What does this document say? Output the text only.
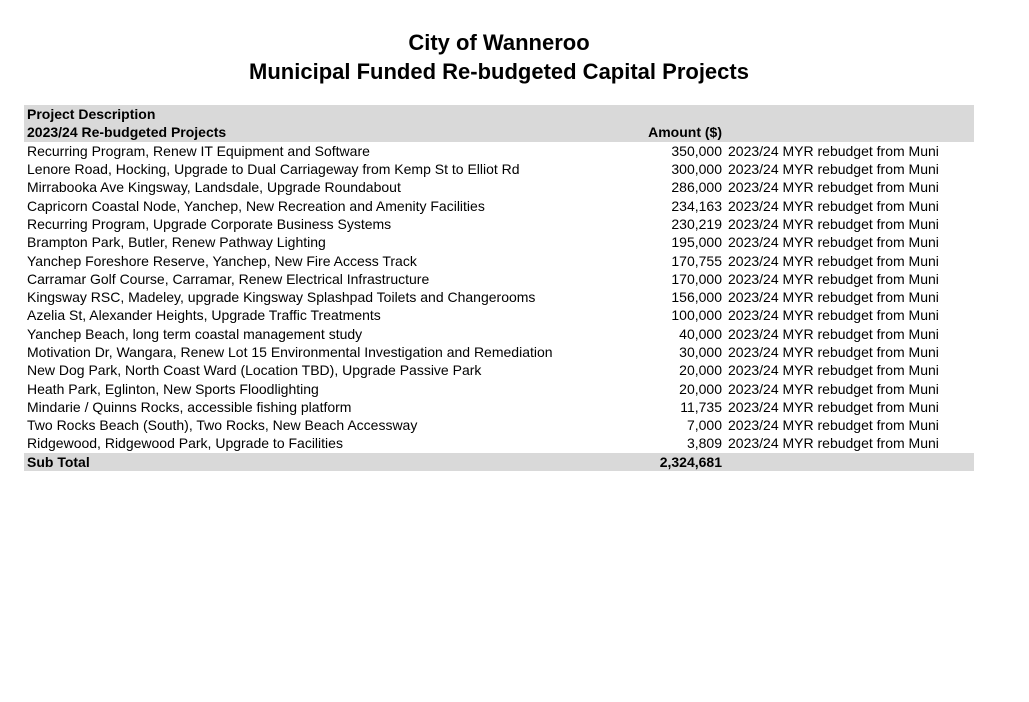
City of Wanneroo
Municipal Funded Re-budgeted Capital Projects
Project Description		
2023/24 Re-budgeted Projects	Amount ($)	
Recurring Program, Renew IT Equipment and Software	350,000	2023/24 MYR rebudget from Muni
Lenore Road, Hocking, Upgrade to Dual Carriageway from Kemp St to Elliot Rd	300,000	2023/24 MYR rebudget from Muni
Mirrabooka Ave Kingsway, Landsdale, Upgrade Roundabout	286,000	2023/24 MYR rebudget from Muni
Capricorn Coastal Node, Yanchep, New Recreation and Amenity Facilities	234,163	2023/24 MYR rebudget from Muni
Recurring Program, Upgrade Corporate Business Systems	230,219	2023/24 MYR rebudget from Muni
Brampton Park, Butler, Renew Pathway Lighting	195,000	2023/24 MYR rebudget from Muni
Yanchep Foreshore Reserve, Yanchep, New Fire Access Track	170,755	2023/24 MYR rebudget from Muni
Carramar Golf Course, Carramar, Renew Electrical Infrastructure	170,000	2023/24 MYR rebudget from Muni
Kingsway RSC, Madeley, upgrade Kingsway Splashpad Toilets and Changerooms	156,000	2023/24 MYR rebudget from Muni
Azelia St, Alexander Heights, Upgrade Traffic Treatments	100,000	2023/24 MYR rebudget from Muni
Yanchep Beach, long term coastal management study	40,000	2023/24 MYR rebudget from Muni
Motivation Dr, Wangara, Renew Lot 15 Environmental Investigation and Remediation	30,000	2023/24 MYR rebudget from Muni
New Dog Park, North Coast Ward (Location TBD), Upgrade Passive Park	20,000	2023/24 MYR rebudget from Muni
Heath Park, Eglinton, New Sports Floodlighting	20,000	2023/24 MYR rebudget from Muni
Mindarie / Quinns Rocks, accessible fishing platform	11,735	2023/24 MYR rebudget from Muni
Two Rocks Beach (South), Two Rocks, New Beach Accessway	7,000	2023/24 MYR rebudget from Muni
Ridgewood, Ridgewood Park, Upgrade to Facilities	3,809	2023/24 MYR rebudget from Muni
Sub Total	2,324,681	
